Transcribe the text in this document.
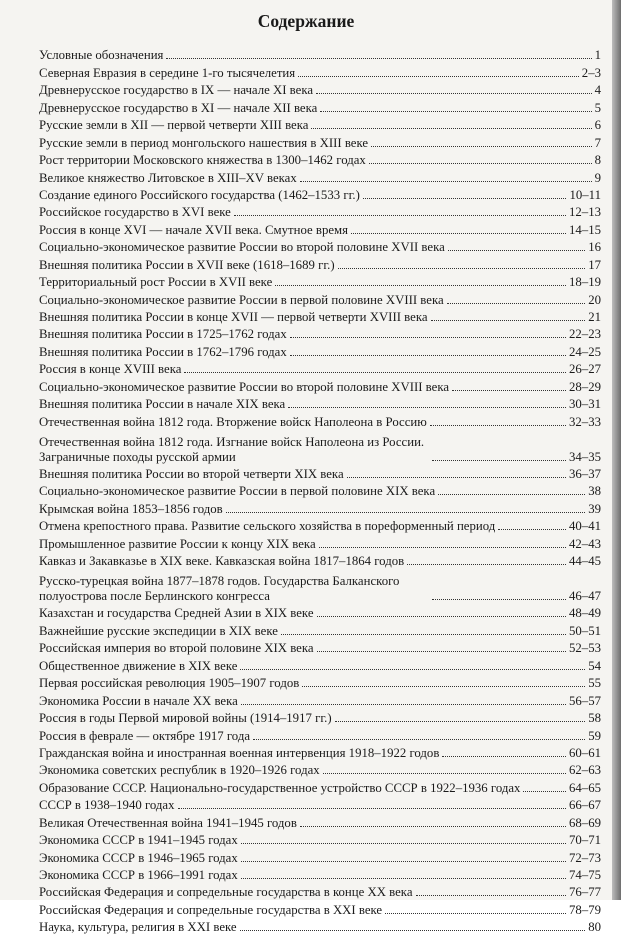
Содержание
Условные обозначения	1
Северная Евразия в середине 1-го тысячелетия	2–3
Древнерусское государство в IX — начале XI века	4
Древнерусское государство в XI — начале XII века	5
Русские земли в XII — первой четверти XIII века	6
Русские земли в период монгольского нашествия в XIII веке	7
Рост территории Московского княжества в 1300–1462 годах	8
Великое княжество Литовское в XIII–XV веках	9
Создание единого Российского государства (1462–1533 гг.)	10–11
Российское государство в XVI веке	12–13
Россия в конце XVI — начале XVII века. Смутное время	14–15
Социально-экономическое развитие России во второй половине XVII века	16
Внешняя политика России в XVII веке (1618–1689 гг.)	17
Территориальный рост России в XVII веке	18–19
Социально-экономическое развитие России в первой половине XVIII века	20
Внешняя политика России в конце XVII — первой четверти XVIII века	21
Внешняя политика России в 1725–1762 годах	22–23
Внешняя политика России в 1762–1796 годах	24–25
Россия в конце XVIII века	26–27
Социально-экономическое развитие России во второй половине XVIII века	28–29
Внешняя политика России в начале XIX века	30–31
Отечественная война 1812 года. Вторжение войск Наполеона в Россию	32–33
Отечественная война 1812 года. Изгнание войск Наполеона из России. Заграничные походы русской армии	34–35
Внешняя политика России во второй четверти XIX века	36–37
Социально-экономическое развитие России в первой половине XIX века	38
Крымская война 1853–1856 годов	39
Отмена крепостного права. Развитие сельского хозяйства в пореформенный период	40–41
Промышленное развитие России к концу XIX века	42–43
Кавказ и Закавказье в XIX веке. Кавказская война 1817–1864 годов	44–45
Русско-турецкая война 1877–1878 годов. Государства Балканского полуострова после Берлинского конгресса	46–47
Казахстан и государства Средней Азии в XIX веке	48–49
Важнейшие русские экспедиции в XIX веке	50–51
Российская империя во второй половине XIX века	52–53
Общественное движение в XIX веке	54
Первая российская революция 1905–1907 годов	55
Экономика России в начале XX века	56–57
Россия в годы Первой мировой войны (1914–1917 гг.)	58
Россия в феврале — октябре 1917 года	59
Гражданская война и иностранная военная интервенция 1918–1922 годов	60–61
Экономика советских республик в 1920–1926 годах	62–63
Образование СССР. Национально-государственное устройство СССР в 1922–1936 годах	64–65
СССР в 1938–1940 годах	66–67
Великая Отечественная война 1941–1945 годов	68–69
Экономика СССР в 1941–1945 годах	70–71
Экономика СССР в 1946–1965 годах	72–73
Экономика СССР в 1966–1991 годах	74–75
Российская Федерация и сопредельные государства в конце XX века	76–77
Российская Федерация и сопредельные государства в XXI веке	78–79
Наука, культура, религия в XXI веке	80
